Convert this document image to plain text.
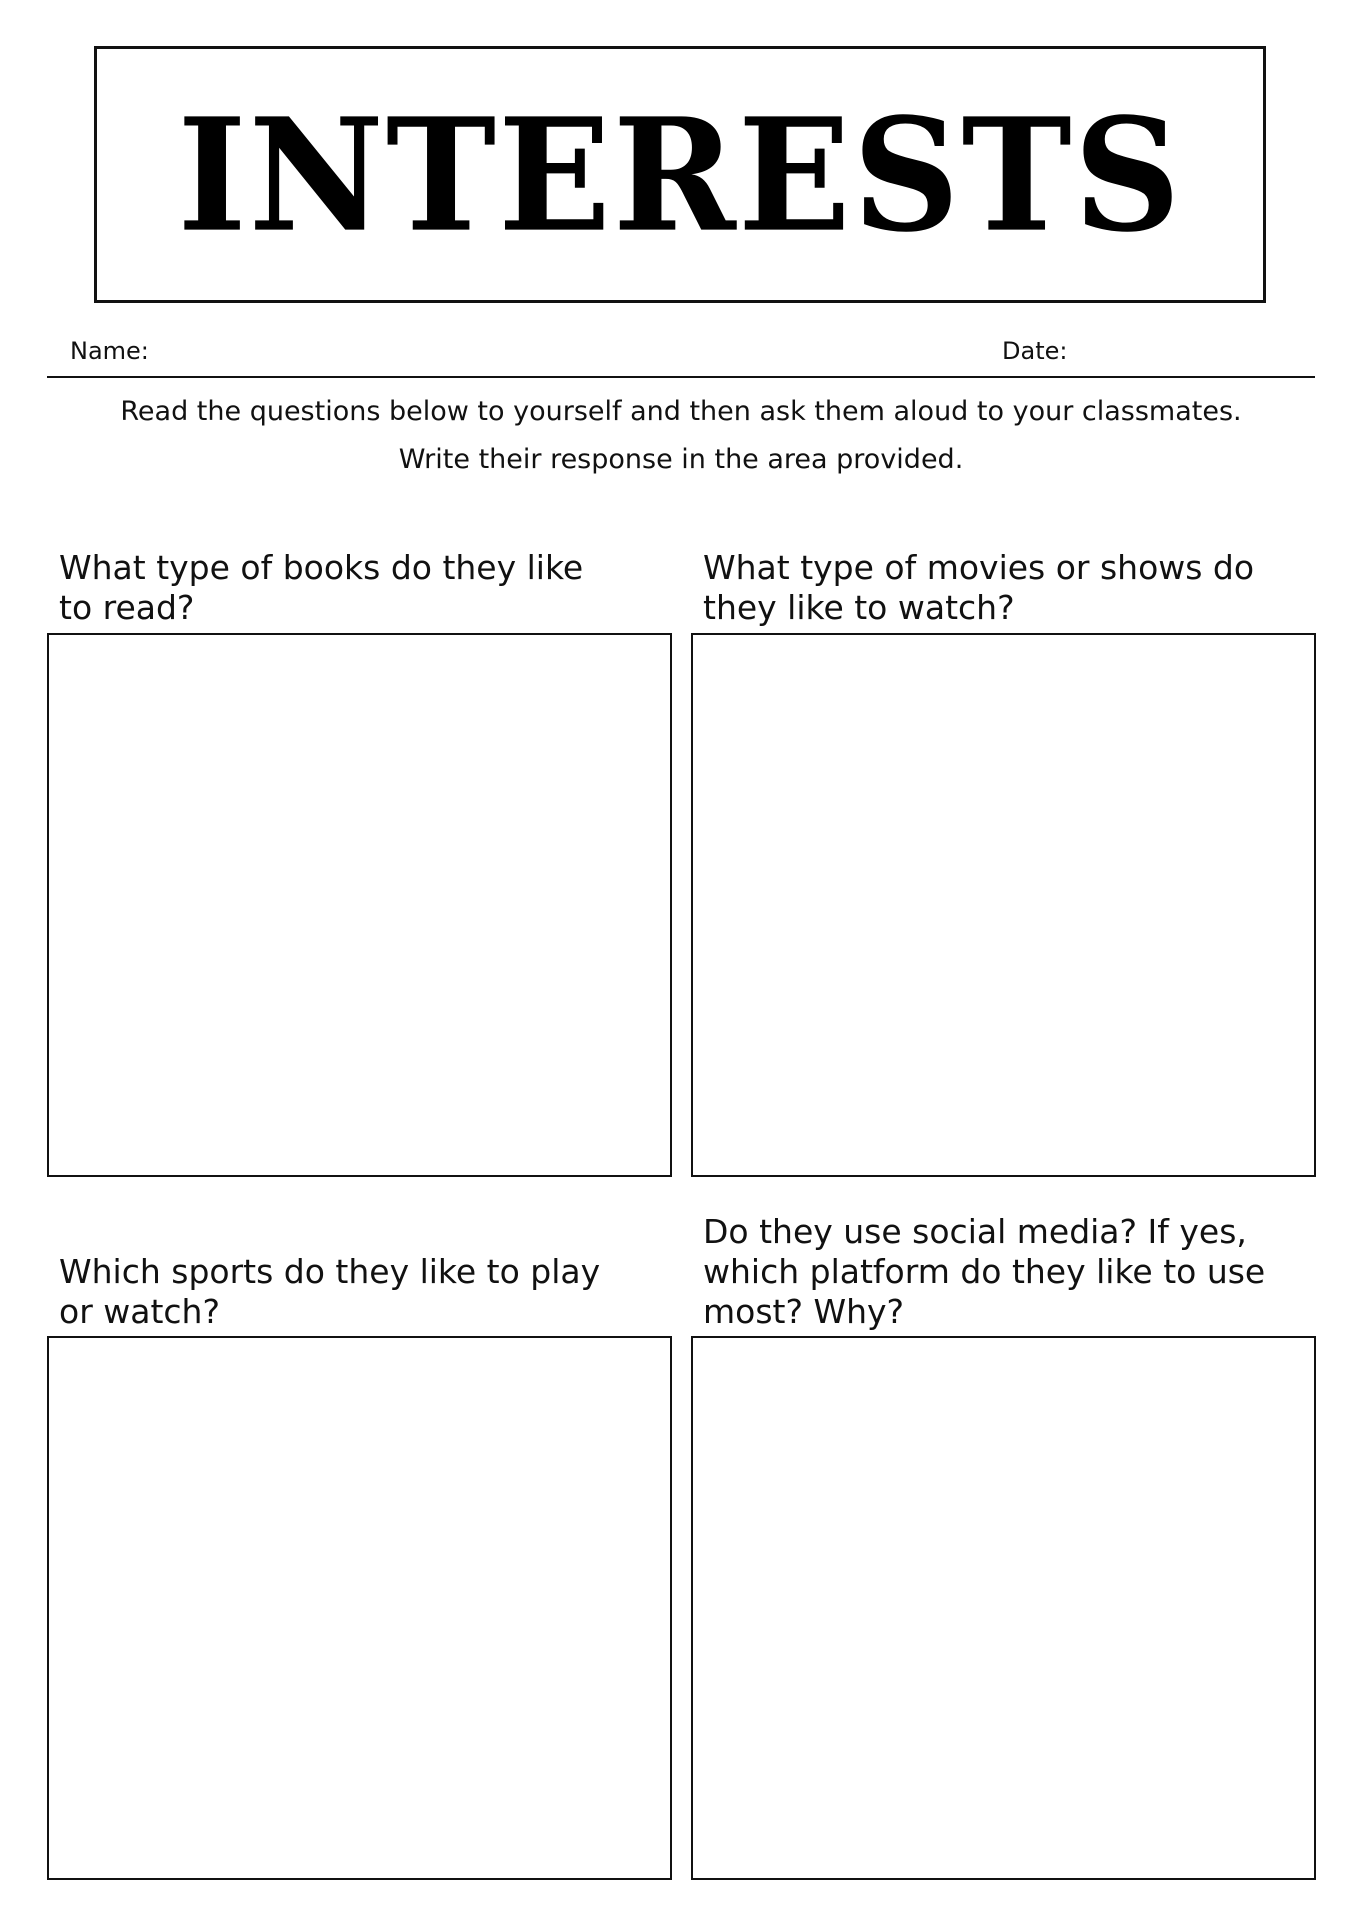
INTERESTS
Name:	Date:
Read the questions below to yourself and then ask them aloud to your classmates.
Write their response in the area provided.
What type of books do they like
to read?
What type of movies or shows do
they like to watch?
Which sports do they like to play
or watch?
Do they use social media? If yes,
which platform do they like to use
most? Why?
